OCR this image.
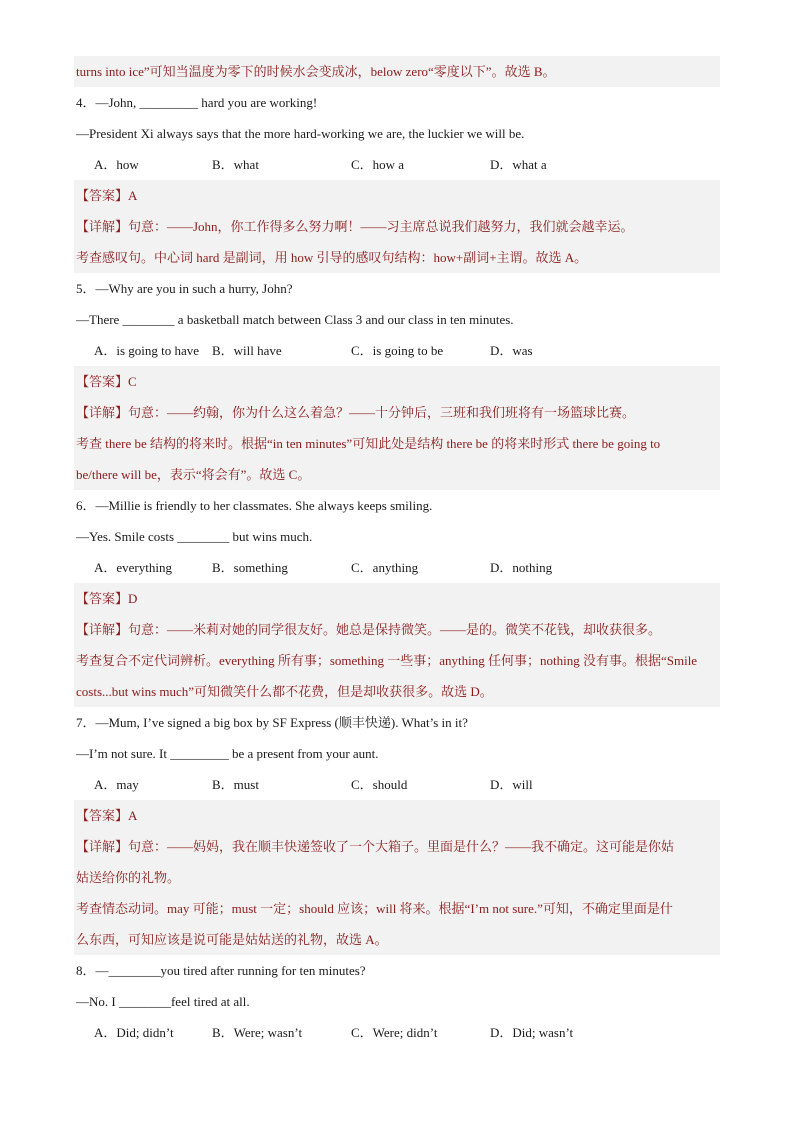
turns into ice”可知当温度为零下的时候水会变成冰，below zero“零度以下”。故选 B。
4．—John, _________ hard you are working!
—President Xi always says that the more hard-working we are, the luckier we will be.
A．how	B．what	C．how a	D．what a
【答案】A
【详解】句意：——John，你工作得多么努力啊！——习主席总说我们越努力，我们就会越幸运。
考查感叹句。中心词 hard 是副词，用 how 引导的感叹句结构：how+副词+主谓。故选 A。
5．—Why are you in such a hurry, John?
—There ________ a basketball match between Class 3 and our class in ten minutes.
A．is going to have B．will have	C．is going to be	D．was
【答案】C
【详解】句意：——约翰，你为什么这么着急？——十分钟后，三班和我们班将有一场篮球比赛。
考查 there be 结构的将来时。根据“in ten minutes”可知此处是结构 there be 的将来时形式 there be going to
be/there will be，表示“将会有”。故选 C。
6．—Millie is friendly to her classmates. She always keeps smiling.
—Yes. Smile costs ________ but wins much.
A．everything	B．something	C．anything	D．nothing
【答案】D
【详解】句意：——米莉对她的同学很友好。她总是保持微笑。——是的。微笑不花钱，却收获很多。
考查复合不定代词辨析。everything 所有事；something 一些事；anything 任何事；nothing 没有事。根据“Smile
costs...but wins much”可知微笑什么都不花费，但是却收获很多。故选 D。
7．—Mum, I’ve signed a big box by SF Express (顺丰快递). What’s in it?
—I’m not sure. It _________ be a present from your aunt.
A．may	B．must	C．should	D．will
【答案】A
【详解】句意：——妈妈，我在顺丰快递签收了一个大箱子。里面是什么？——我不确定。这可能是你姑
姑送给你的礼物。
考查情态动词。may 可能；must 一定；should 应该；will 将来。根据“I’m not sure.”可知，不确定里面是什
么东西，可知应该是说可能是姑姑送的礼物，故选 A。
8．—________you tired after running for ten minutes?
—No. I ________feel tired at all.
A．Did; didn’t	B．Were; wasn’t	C．Were; didn’t	D．Did; wasn’t
